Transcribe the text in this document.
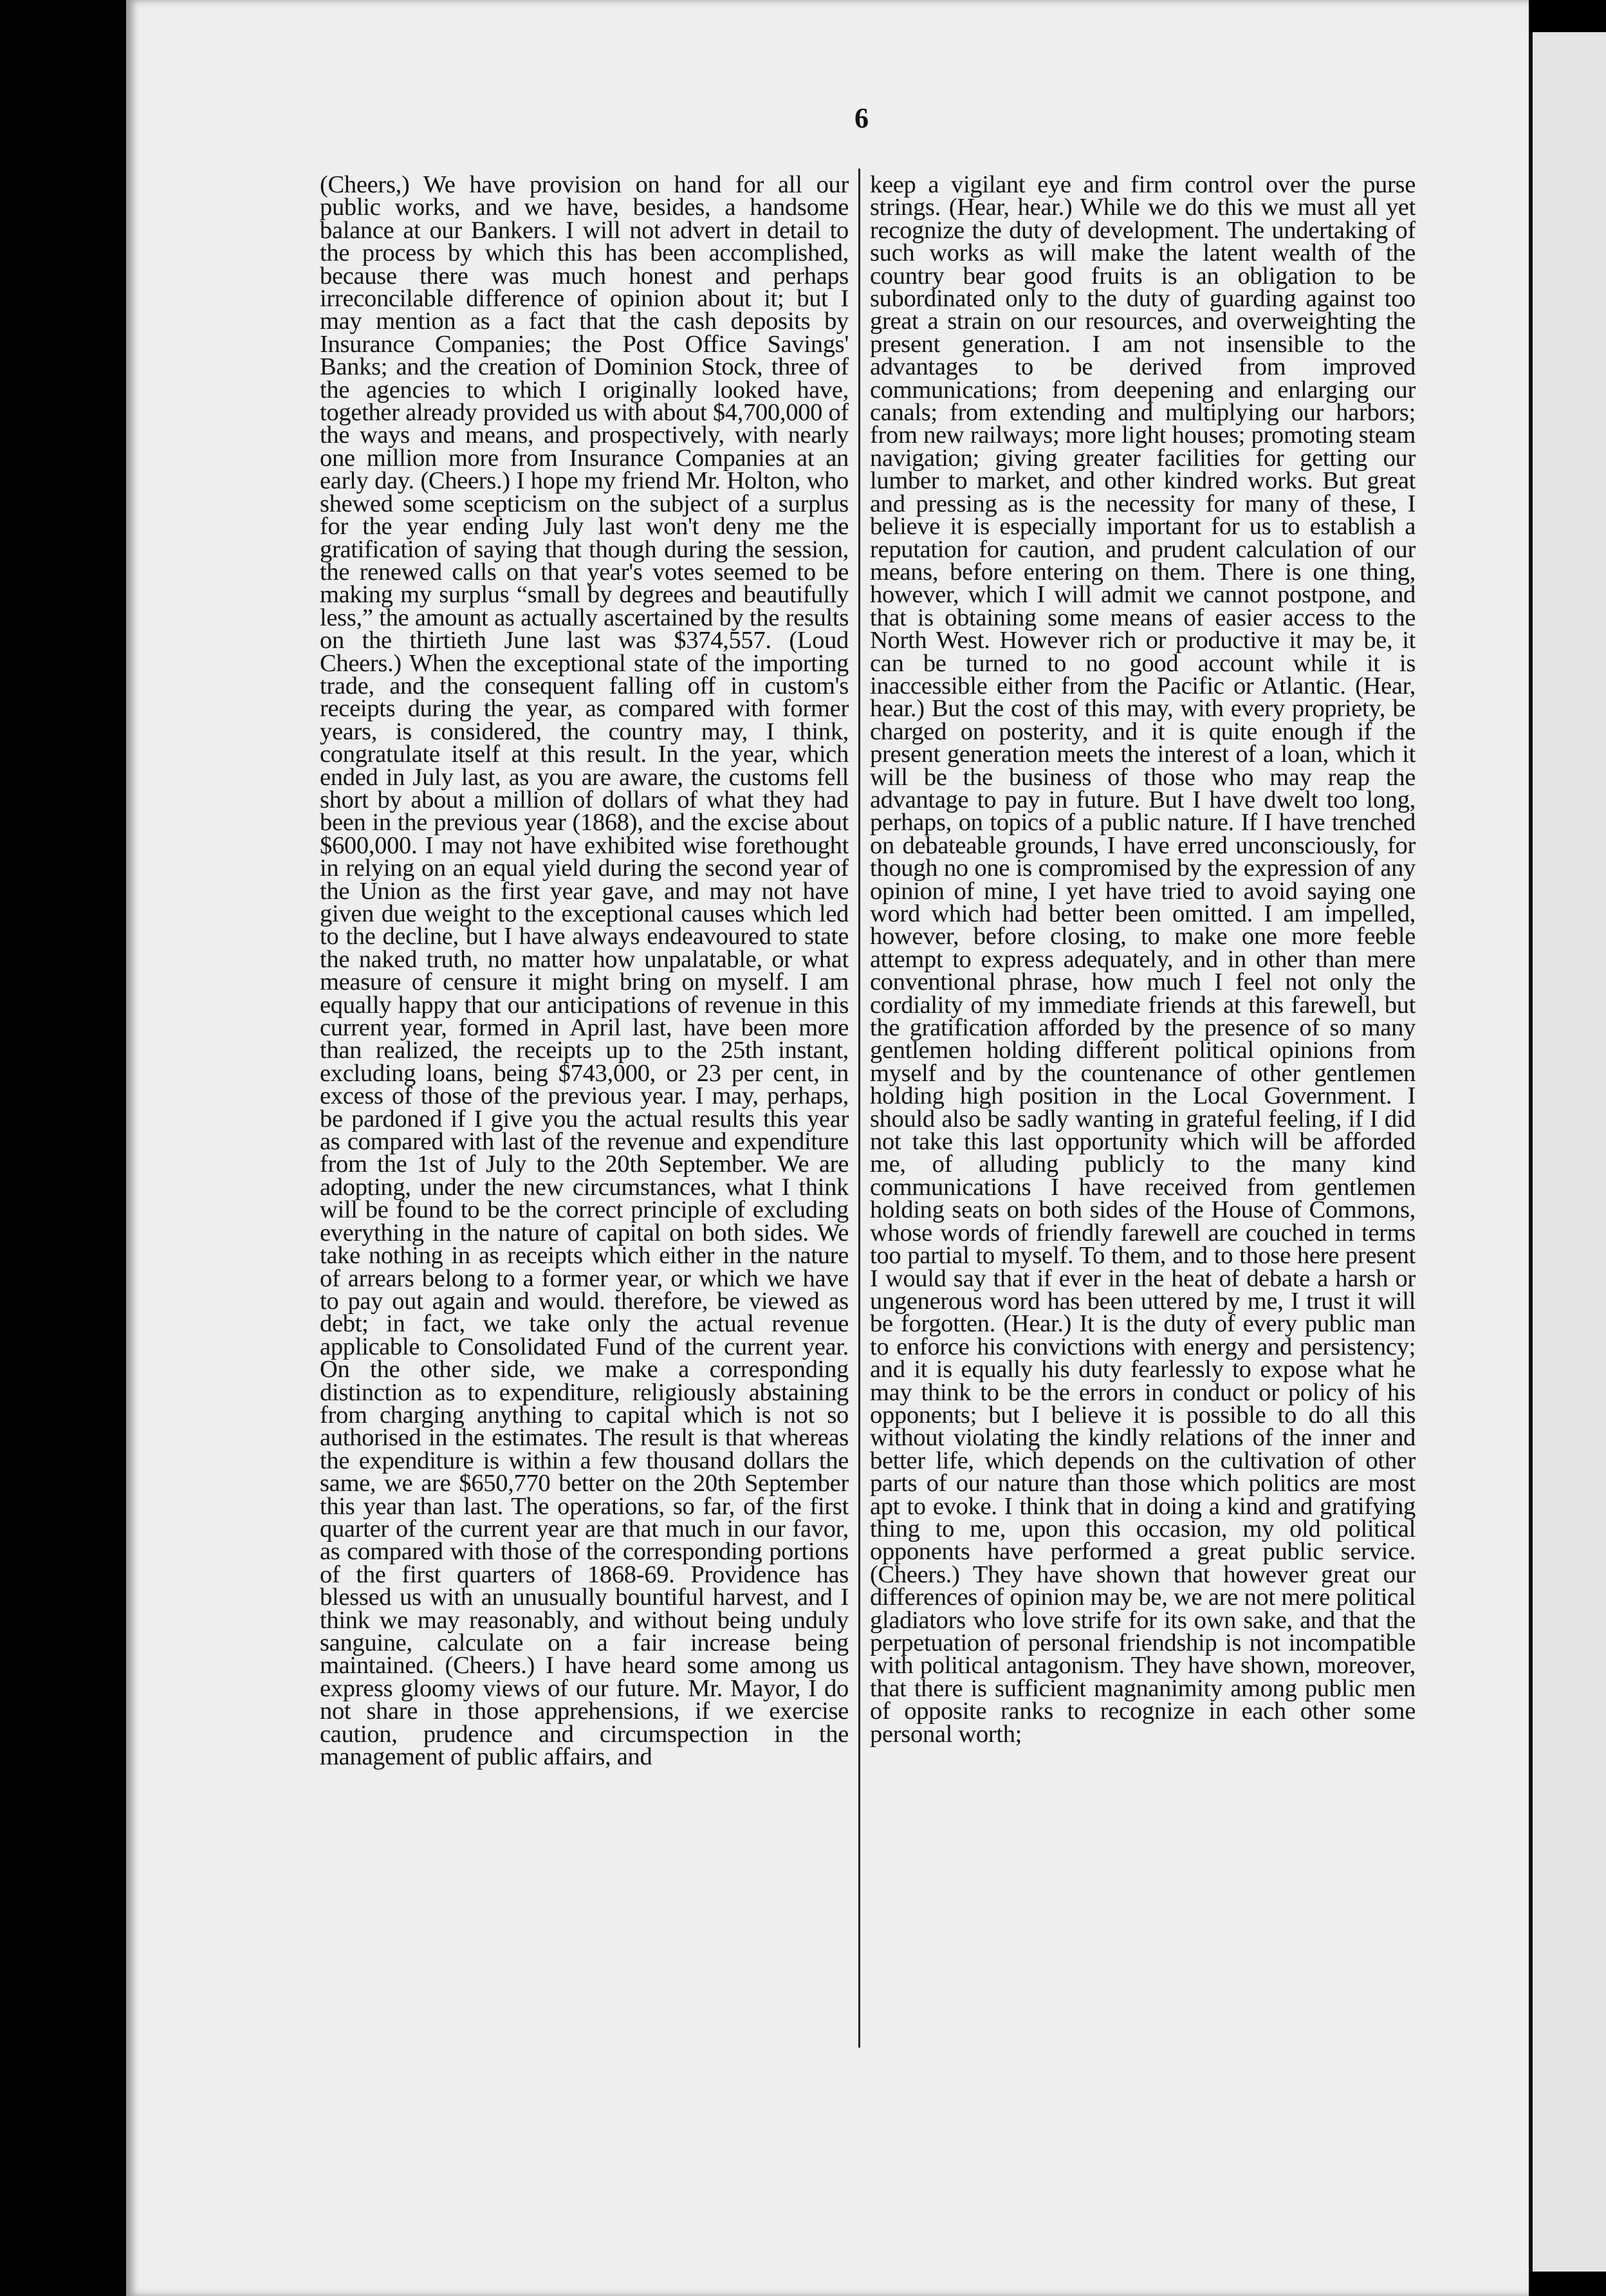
6

(Cheers,) We have provision on hand for all our public works, and we have, besides, a handsome balance at our Bankers. I will not advert in detail to the process by which this has been accomplished, because there was much honest and perhaps irreconcilable difference of opinion about it; but I may mention as a fact that the cash deposits by Insurance Companies; the Post Office Savings' Banks; and the creation of Dominion Stock, three of the agencies to which I originally looked have, together already provided us with about $4,700,000 of the ways and means, and prospectively, with nearly one million more from Insurance Companies at an early day. (Cheers.) I hope my friend Mr. Holton, who shewed some scepticism on the subject of a surplus for the year ending July last won't deny me the gratification of saying that though during the session, the renewed calls on that year's votes seemed to be making my surplus “small by degrees and beautifully less,” the amount as actually ascertained by the results on the thirtieth June last was $374,557. (Loud Cheers.) When the exceptional state of the importing trade, and the consequent falling off in custom's receipts during the year, as compared with former years, is considered, the country may, I think, congratulate itself at this result. In the year, which ended in July last, as you are aware, the customs fell short by about a million of dollars of what they had been in the previous year (1868), and the excise about $600,000. I may not have exhibited wise forethought in relying on an equal yield during the second year of the Union as the first year gave, and may not have given due weight to the exceptional causes which led to the decline, but I have always endeavoured to state the naked truth, no matter how unpalatable, or what measure of censure it might bring on myself. I am equally happy that our anticipations of revenue in this current year, formed in April last, have been more than realized, the receipts up to the 25th instant, excluding loans, being $743,000, or 23 per cent, in excess of those of the previous year. I may, perhaps, be pardoned if I give you the actual results this year as compared with last of the revenue and expenditure from the 1st of July to the 20th September. We are adopting, under the new circumstances, what I think will be found to be the correct principle of excluding everything in the nature of capital on both sides. We take nothing in as receipts which either in the nature of arrears belong to a former year, or which we have to pay out again and would. therefore, be viewed as debt; in fact, we take only the actual revenue applicable to Consolidated Fund of the current year. On the other side, we make a corresponding distinction as to expenditure, religiously abstaining from charging anything to capital which is not so authorised in the estimates. The result is that whereas the expenditure is within a few thousand dollars the same, we are $650,770 better on the 20th September this year than last. The operations, so far, of the first quarter of the current year are that much in our favor, as compared with those of the corresponding portions of the first quarters of 1868-69. Providence has blessed us with an unusually bountiful harvest, and I think we may reasonably, and without being unduly sanguine, calculate on a fair increase being maintained. (Cheers.) I have heard some among us express gloomy views of our future. Mr. Mayor, I do not share in those apprehensions, if we exercise caution, prudence and circumspection in the management of public affairs, and

keep a vigilant eye and firm control over the purse strings. (Hear, hear.) While we do this we must all yet recognize the duty of development. The undertaking of such works as will make the latent wealth of the country bear good fruits is an obligation to be subordinated only to the duty of guarding against too great a strain on our resources, and overweighting the present generation. I am not insensible to the advantages to be derived from improved communications; from deepening and enlarging our canals; from extending and multiplying our harbors; from new railways; more light houses; promoting steam navigation; giving greater facilities for getting our lumber to market, and other kindred works. But great and pressing as is the necessity for many of these, I believe it is especially important for us to establish a reputation for caution, and prudent calculation of our means, before entering on them. There is one thing, however, which I will admit we cannot postpone, and that is obtaining some means of easier access to the North West. However rich or productive it may be, it can be turned to no good account while it is inaccessible either from the Pacific or Atlantic. (Hear, hear.) But the cost of this may, with every propriety, be charged on posterity, and it is quite enough if the present generation meets the interest of a loan, which it will be the business of those who may reap the advantage to pay in future. But I have dwelt too long, perhaps, on topics of a public nature. If I have trenched on debateable grounds, I have erred unconsciously, for though no one is compromised by the expression of any opinion of mine, I yet have tried to avoid saying one word which had better been omitted. I am impelled, however, before closing, to make one more feeble attempt to express adequately, and in other than mere conventional phrase, how much I feel not only the cordiality of my immediate friends at this farewell, but the gratification afforded by the presence of so many gentlemen holding different political opinions from myself and by the countenance of other gentlemen holding high position in the Local Government. I should also be sadly wanting in grateful feeling, if I did not take this last opportunity which will be afforded me, of alluding publicly to the many kind communications I have received from gentlemen holding seats on both sides of the House of Commons, whose words of friendly farewell are couched in terms too partial to myself. To them, and to those here present I would say that if ever in the heat of debate a harsh or ungenerous word has been uttered by me, I trust it will be forgotten. (Hear.) It is the duty of every public man to enforce his convictions with energy and persistency; and it is equally his duty fearlessly to expose what he may think to be the errors in conduct or policy of his opponents; but I believe it is possible to do all this without violating the kindly relations of the inner and better life, which depends on the cultivation of other parts of our nature than those which politics are most apt to evoke. I think that in doing a kind and gratifying thing to me, upon this occasion, my old political opponents have performed a great public service. (Cheers.) They have shown that however great our differences of opinion may be, we are not mere political gladiators who love strife for its own sake, and that the perpetuation of personal friendship is not incompatible with political antagonism. They have shown, moreover, that there is sufficient magnanimity among public men of opposite ranks to recognize in each other some personal worth;
